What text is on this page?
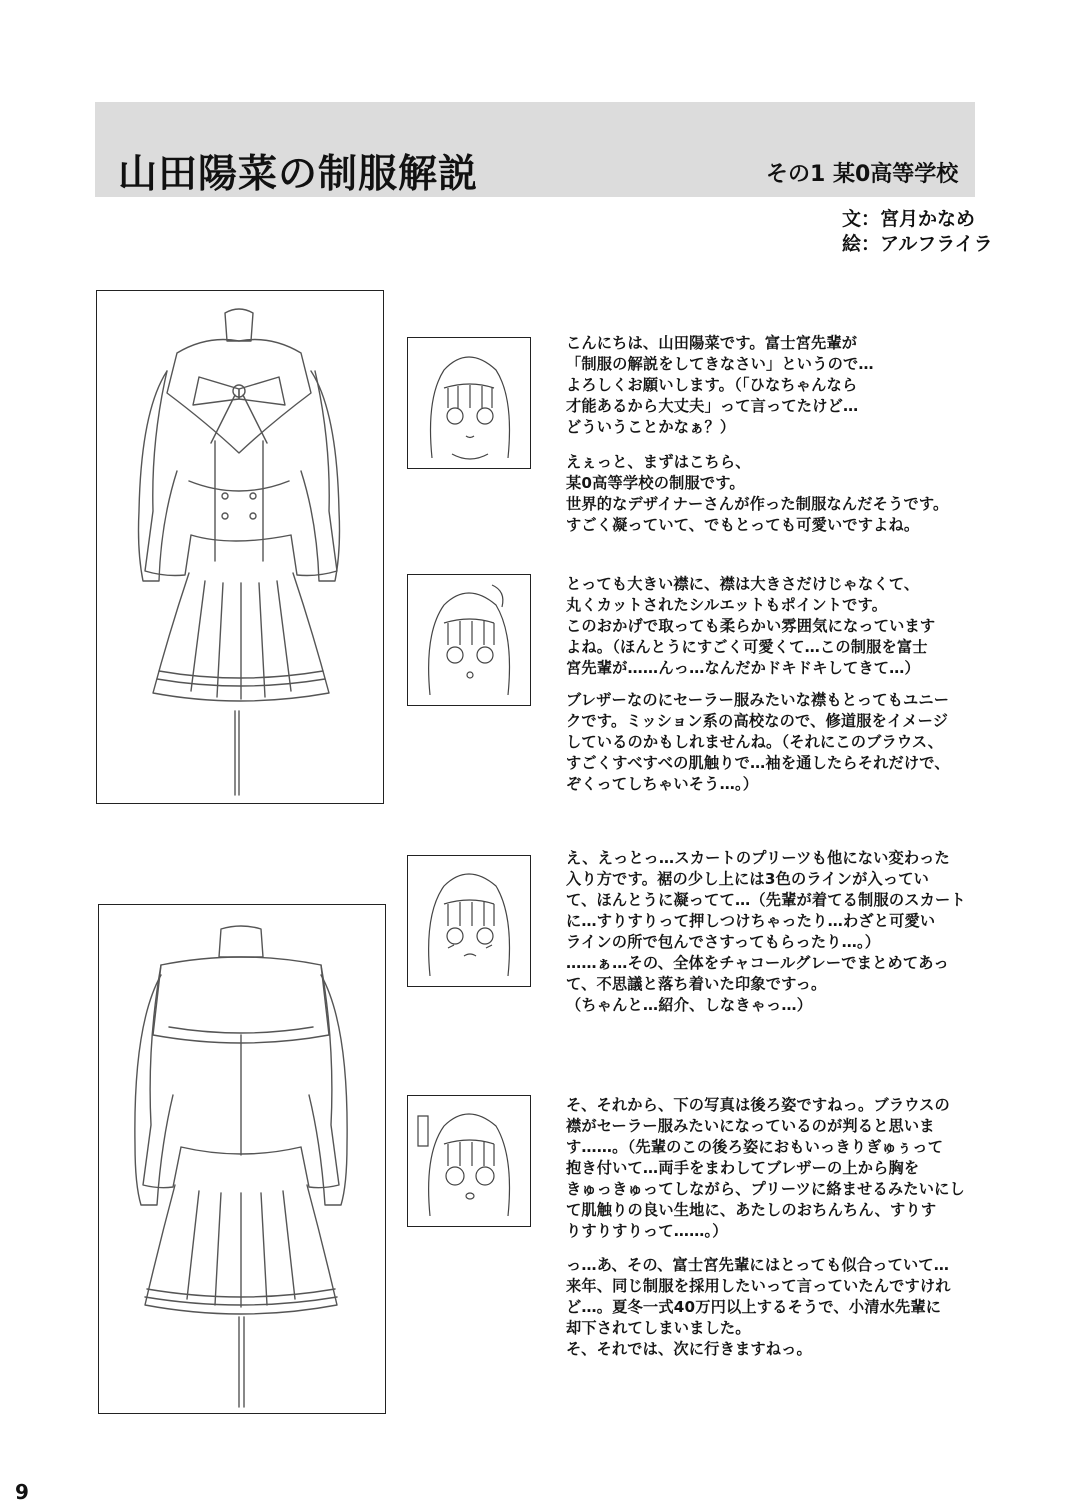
山田陽菜の制服解説	その1 某0高等学校
文：宮月かなめ
絵：アルフライラ
こんにちは、山田陽菜です。富士宮先輩が
「制服の解説をしてきなさい」というので…
よろしくお願いします。（「ひなちゃんなら
才能あるから大丈夫」って言ってたけど…
どういうことかなぁ？）
えぇっと、まずはこちら、
某0高等学校の制服です。
世界的なデザイナーさんが作った制服なんだそうです。
すごく凝っていて、でもとっても可愛いですよね。
とっても大きい襟に、襟は大きさだけじゃなくて、
丸くカットされたシルエットもポイントです。
このおかげで取っても柔らかい雰囲気になっています
よね。（ほんとうにすごく可愛くて…この制服を富士
宮先輩が……んっ…なんだかドキドキしてきて…）
ブレザーなのにセーラー服みたいな襟もとってもユニー
クです。ミッション系の高校なので、修道服をイメージ
しているのかもしれませんね。（それにこのブラウス、
すごくすべすべの肌触りで…袖を通したらそれだけで、
ぞくってしちゃいそう…。）
え、えっとっ…スカートのプリーツも他にない変わった
入り方です。裾の少し上には3色のラインが入ってい
て、ほんとうに凝ってて…（先輩が着てる制服のスカート
に…すりすりって押しつけちゃったり…わざと可愛い
ラインの所で包んでさすってもらったり…。）
……ぁ…その、全体をチャコールグレーでまとめてあっ
て、不思議と落ち着いた印象ですっ。
（ちゃんと…紹介、しなきゃっ…）
そ、それから、下の写真は後ろ姿ですねっ。ブラウスの
襟がセーラー服みたいになっているのが判ると思いま
す……。（先輩のこの後ろ姿におもいっきりぎゅぅって
抱き付いて…両手をまわしてブレザーの上から胸を
きゅっきゅってしながら、プリーツに絡ませるみたいにし
て肌触りの良い生地に、あたしのおちんちん、すりす
りすりすりって……。）
っ…あ、その、富士宮先輩にはとっても似合っていて…
来年、同じ制服を採用したいって言っていたんですけれ
ど…。夏冬一式40万円以上するそうで、小清水先輩に
却下されてしまいました。
そ、それでは、次に行きますねっ。
9
